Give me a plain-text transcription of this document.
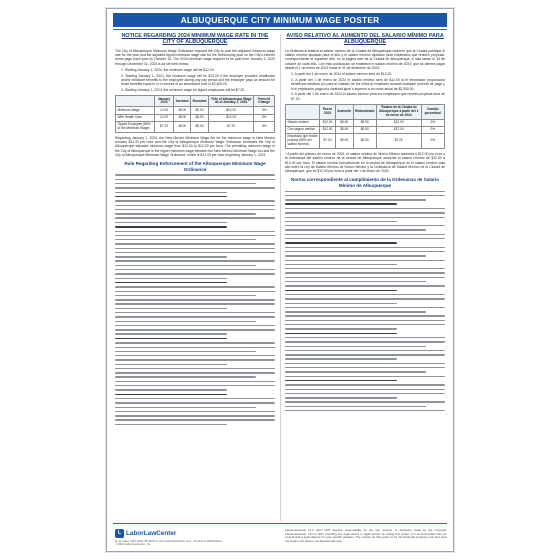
ALBUQUERQUE CITY MINIMUM WAGE POSTER
NOTICE REGARDING 2024 MINIMUM WAGE RATE IN THE CITY OF ALBUQUERQUE
The City of Albuquerque Minimum Wage Ordinance required the City to post the adjusted minimum wage rate for the year and the adjusted tipped minimum wage rate for the forthcoming year on the City's internet home page each year by October 15. The 2024 minimum wage required to be paid from January 1, 2024 through December 31, 2024 is as set forth below:
1. Starting January 1, 2024, the minimum wage will be $12.00.
2. Starting January 1, 2024, the minimum wage will be $12.00 if the employer provides healthcare and/or childcare benefits to the employee during any pay period and the employer pays an amount for those benefits equal to or in excess of an annualized cost of $2,500.00.
3. Starting January 1, 2024, the minimum wage for tipped employees will be $7.20.
	January 2023	Increase	Rounded	*City of Albuquerque Wage as of January 1, 2024	Percent Change
Minimum Wage	12.00	38.00	$0.00	$12.00	0%
With Health Care	12.00	38.00	$0.00	$12.00	0%
Tipped Employee (80% of the Minimum Wage)	$7.20	38.00	$0.00	$7.20	0%
Regarding January 1, 2024, the New Mexico Minimum Wage Act for the minimum wage in New Mexico remains $12.00 per hour and the City of Albuquerque Minimum Wage Ordinance increases the City of Albuquerque adjusted minimum wage from $12.00 to $12.00 per hour. The prevailing minimum wage in the City of Albuquerque is the higher minimum wage between the New Mexico Minimum Wage Act and the City of Albuquerque Minimum Wage Ordinance, which is $12.00 per hour beginning January 1, 2024.
Rule Regarding Enforcement of the Albuquerque Minimum Wage Ordinance
AVISO RELATIVO AL AUMENTO DEL SALARIO MÍNIMO PARA ALBUQUERQUE
La Ordenanza relativa al salario mínimo de la Ciudad de Albuquerque requiere que la Ciudad publique el salario mínimo ajustado para el año y el salario mínimo ajustado para empleados que reciben propinas, correspondiente al siguiente año, en la página web de la Ciudad de Albuquerque, a más tardar el 15 de octubre de cada año. Con esta publicación se establece el salario mínimo de 2024, que se deberá pagar desde el 1 de enero de 2024 hasta el 31 de diciembre de 2024:
1. A partir del 1 de enero de 2024 el salario mínimo será de $12.00.
2. A partir del 1 de enero de 2024 el salario mínimo será de $12.00 si el empleador proporciona beneficios médicos y/o para el cuidado de los niños al empleado durante cualquier período de pago y si el empleador paga una cantidad igual o superior a un costo anual de $2,500.00.
3. A partir del 1 de enero de 2024 el salario mínimo para los empleados que reciben propinas será de $7.20.
	Enero 2023	Aumento	Redondeado	*Salario de la Ciudad de Albuquerque a partir del 1 de enero de 2024	Cambio porcentual
Salario mínimo	$12.00	$0.00	$0.00	$12.00	0%
Con seguro médico	$12.00	$0.00	$0.00	$12.00	0%
Empleado que recibe propina (80% del salario mínimo)	$7.20	$0.00	$0.00	$7.20	0%
* A partir del primero de enero de 2024, el salario mínimo de Nuevo México aumenta a $12.00 por hora y la ordenanza del salario mínimo de la ciudad de Albuquerque aumenta el salario mínimo de $12.00 a $12.00 por hora. El salario mínimo prevaleciente en la ciudad de Albuquerque es el salario mínimo más alto entre la Ley de Salario Mínimo de Nuevo México y la Ordenanza de Salario Mínimo de la Ciudad de Albuquerque, que es $12.00 por hora a partir del 1 de enero de 2024.
Norma correspondiente al cumplimiento de la Ordenanza de Salario Mínimo de Albuquerque
L LaborLawCenter
To re-order, call 1-800-745-9970 or visit LaborLawCenter.com · Product #: PD01-NM-2 · © 2024 LaborLawCenter, Inc.
LaborLawCenter LLC does NOT assume responsibility for the use, actions, or decisions made by the employer. LaborLawCenter, LLC is NOT providing any legal advice or legal opinion by selling this poster. It is recommended that you consult with a legal advisor for your specific situation. The content on this poster is for informational purposes only and does not replace the advice of a licensed attorney.
